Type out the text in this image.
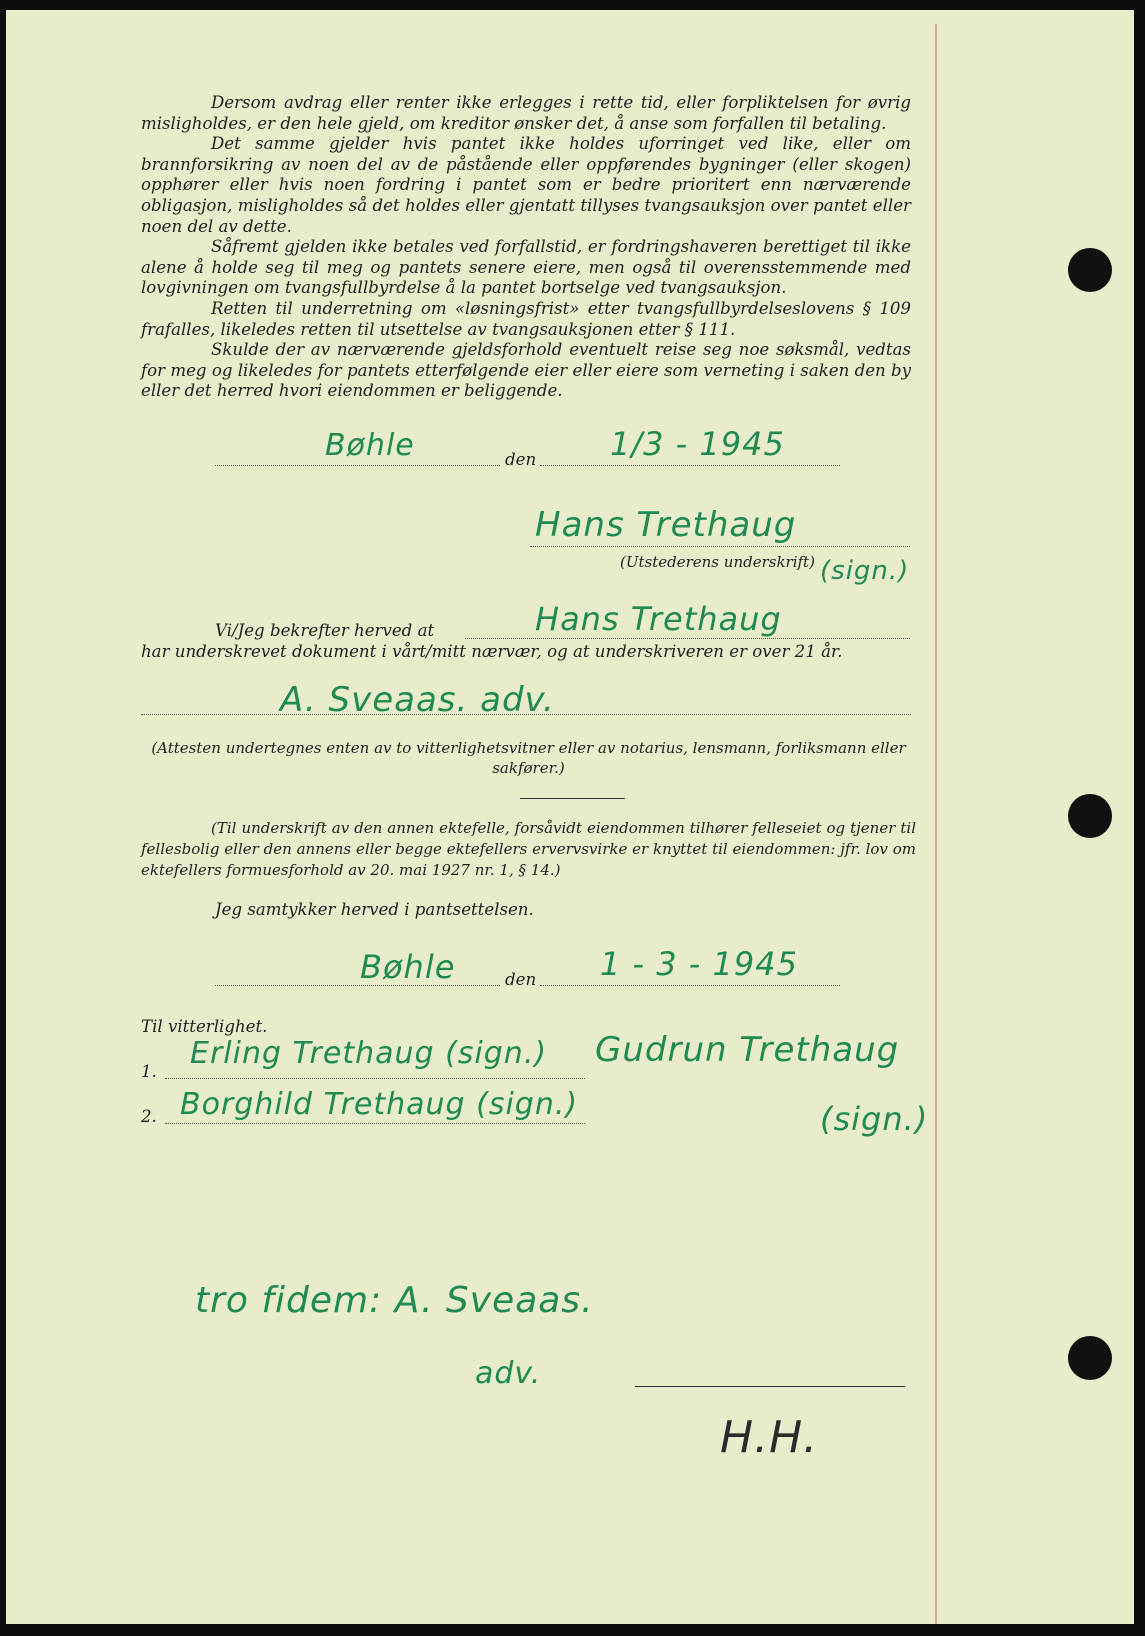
Dersom avdrag eller renter ikke erlegges i rette tid, eller forpliktelsen for øvrig misligholdes, er den hele gjeld, om kreditor ønsker det, å anse som forfallen til betaling.

Det samme gjelder hvis pantet ikke holdes uforringet ved like, eller om brannforsikring av noen del av de påstående eller oppførendes bygninger (eller skogen) opphører eller hvis noen fordring i pantet som er bedre prioritert enn nærværende obligasjon, misligholdes så det holdes eller gjentatt tillyses tvangsauksjon over pantet eller noen del av dette.

Såfremt gjelden ikke betales ved forfallstid, er fordringshaveren berettiget til ikke alene å holde seg til meg og pantets senere eiere, men også til overensstemmende med lovgivningen om tvangsfullbyrdelse å la pantet bortselge ved tvangsauksjon.

Retten til underretning om «løsningsfrist» etter tvangsfullbyrdelseslovens § 109 frafalles, likeledes retten til utsettelse av tvangsauksjonen etter § 111.

Skulde der av nærværende gjeldsforhold eventuelt reise seg noe søksmål, vedtas for meg og likeledes for pantets etterfølgende eier eller eiere som verneting i saken den by eller det herred hvori eiendommen er beliggende.

Bøhle	den 1/3 - 1945
Hans Trethaug
(Utstederens underskrift) (sign.)
Vi/Jeg bekrefter herved at	Hans Trethaug
har underskrevet dokument i vårt/mitt nærvær, og at underskriveren er over 21 år.
A. Sveaas. adv.
(Attesten undertegnes enten av to vitterlighetsvitner eller av notarius, lensmann, forliksmann eller sakfører.)
(Til underskrift av den annen ektefelle, forsåvidt eiendommen tilhører felleseiet og tjener til fellesbolig eller den annens eller begge ektefellers ervervsvirke er knyttet til eiendommen: jfr. lov om ektefellers formuesforhold av 20. mai 1927 nr. 1, § 14.)
Jeg samtykker herved i pantsettelsen.
Bøhle	den 1 - 3 - 1945
Til vitterlighet.
1.
Erling Trethaug (sign.)
2. Borghild Trethaug (sign.)
Gudrun Trethaug
(sign.)
tro fidem: A. Sveaas.
adv.
H.H.
